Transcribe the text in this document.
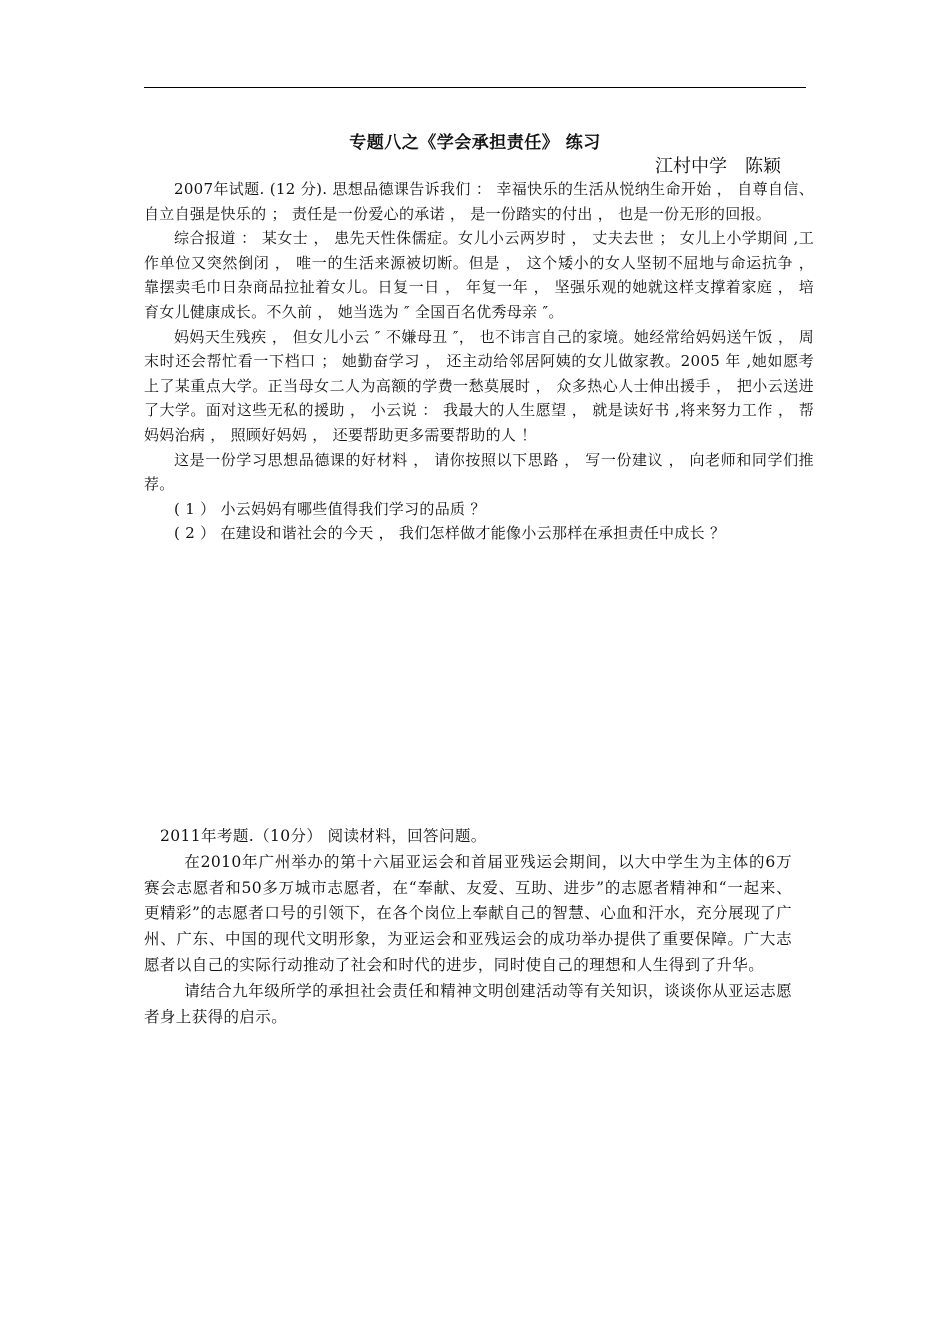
专题八之《学会承担责任》 练习
江村中学　陈颖

2007年试题. (12 分). 思想品德课告诉我们 ： 幸福快乐的生活从悦纳生命开始 ， 自尊自信、自立自强是快乐的 ； 责任是一份爱心的承诺 ， 是一份踏实的付出 ， 也是一份无形的回报。

综合报道 ： 某女士 ， 患先天性侏儒症。女儿小云两岁时 ， 丈夫去世 ； 女儿上小学期间 ,工作单位又突然倒闭 ， 唯一的生活来源被切断。但是 ， 这个矮小的女人坚韧不屈地与命运抗争 ， 靠摆卖毛巾日杂商品拉扯着女儿。日复一日 ， 年复一年 ， 坚强乐观的她就这样支撑着家庭 ， 培育女儿健康成长。不久前 ， 她当选为 ″ 全国百名优秀母亲 ″。

妈妈天生残疾 ， 但女儿小云 ″ 不嫌母丑 ″， 也不讳言自己的家境。她经常给妈妈送午饭 ， 周末时还会帮忙看一下档口 ； 她勤奋学习 ， 还主动给邻居阿姨的女儿做家教。2005 年 ,她如愿考上了某重点大学。正当母女二人为高额的学费一愁莫展时 ， 众多热心人士伸出援手 ， 把小云送进了大学。面对这些无私的援助 ， 小云说 ： 我最大的人生愿望 ， 就是读好书 ,将来努力工作 ， 帮妈妈治病 ， 照顾好妈妈 ， 还要帮助更多需要帮助的人 ！

这是一份学习思想品德课的好材料 ， 请你按照以下思路 ， 写一份建议 ， 向老师和同学们推荐。

( 1 ） 小云妈妈有哪些值得我们学习的品质 ？

( 2 ） 在建设和谐社会的今天 ， 我们怎样做才能像小云那样在承担责任中成长 ？

2011年考题.（10分） 阅读材料，回答问题。

在2010年广州举办的第十六届亚运会和首届亚残运会期间，以大中学生为主体的6万赛会志愿者和50多万城市志愿者，在“奉献、友爱、互助、进步”的志愿者精神和“一起来、更精彩”的志愿者口号的引领下，在各个岗位上奉献自己的智慧、心血和汗水，充分展现了广州、广东、中国的现代文明形象，为亚运会和亚残运会的成功举办提供了重要保障。广大志愿者以自己的实际行动推动了社会和时代的进步，同时使自己的理想和人生得到了升华。

请结合九年级所学的承担社会责任和精神文明创建活动等有关知识，谈谈你从亚运志愿者身上获得的启示。
